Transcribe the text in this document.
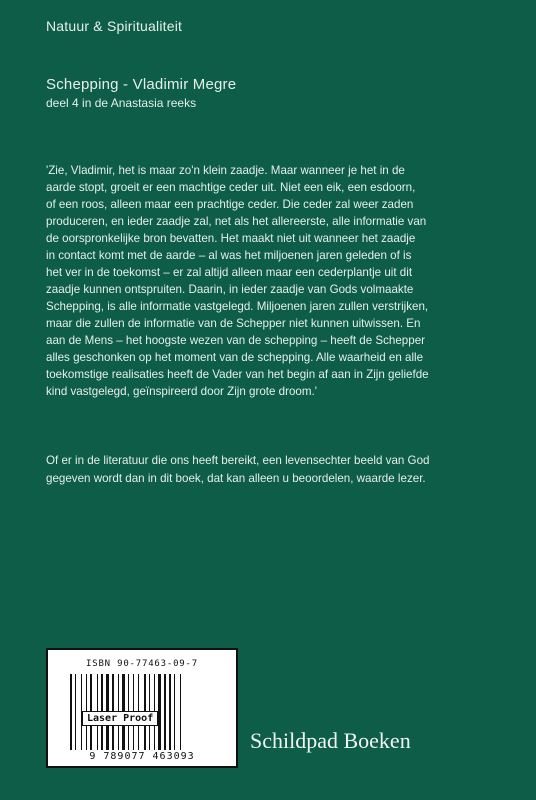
Natuur & Spiritualiteit
Schepping - Vladimir Megre
deel 4 in de Anastasia reeks
'Zie, Vladimir, het is maar zo'n klein zaadje. Maar wanneer je het in de
aarde stopt, groeit er een machtige ceder uit. Niet een eik, een esdoorn,
of een roos, alleen maar een prachtige ceder. Die ceder zal weer zaden
produceren, en ieder zaadje zal, net als het allereerste, alle informatie van
de oorspronkelijke bron bevatten. Het maakt niet uit wanneer het zaadje
in contact komt met de aarde – al was het miljoenen jaren geleden of is
het ver in de toekomst – er zal altijd alleen maar een cederplantje uit dit
zaadje kunnen ontspruiten. Daarin, in ieder zaadje van Gods volmaakte
Schepping, is alle informatie vastgelegd. Miljoenen jaren zullen verstrijken,
maar die zullen de informatie van de Schepper niet kunnen uitwissen. En
aan de Mens – het hoogste wezen van de schepping – heeft de Schepper
alles geschonken op het moment van de schepping. Alle waarheid en alle
toekomstige realisaties heeft de Vader van het begin af aan in Zijn geliefde
kind vastgelegd, geïnspireerd door Zijn grote droom.'
Of er in de literatuur die ons heeft bereikt, een levensechter beeld van God
gegeven wordt dan in dit boek, dat kan alleen u beoordelen, waarde lezer.
ISBN 90-77463-09-7
Laser Proof
9 789077 463093
Schildpad Boeken
